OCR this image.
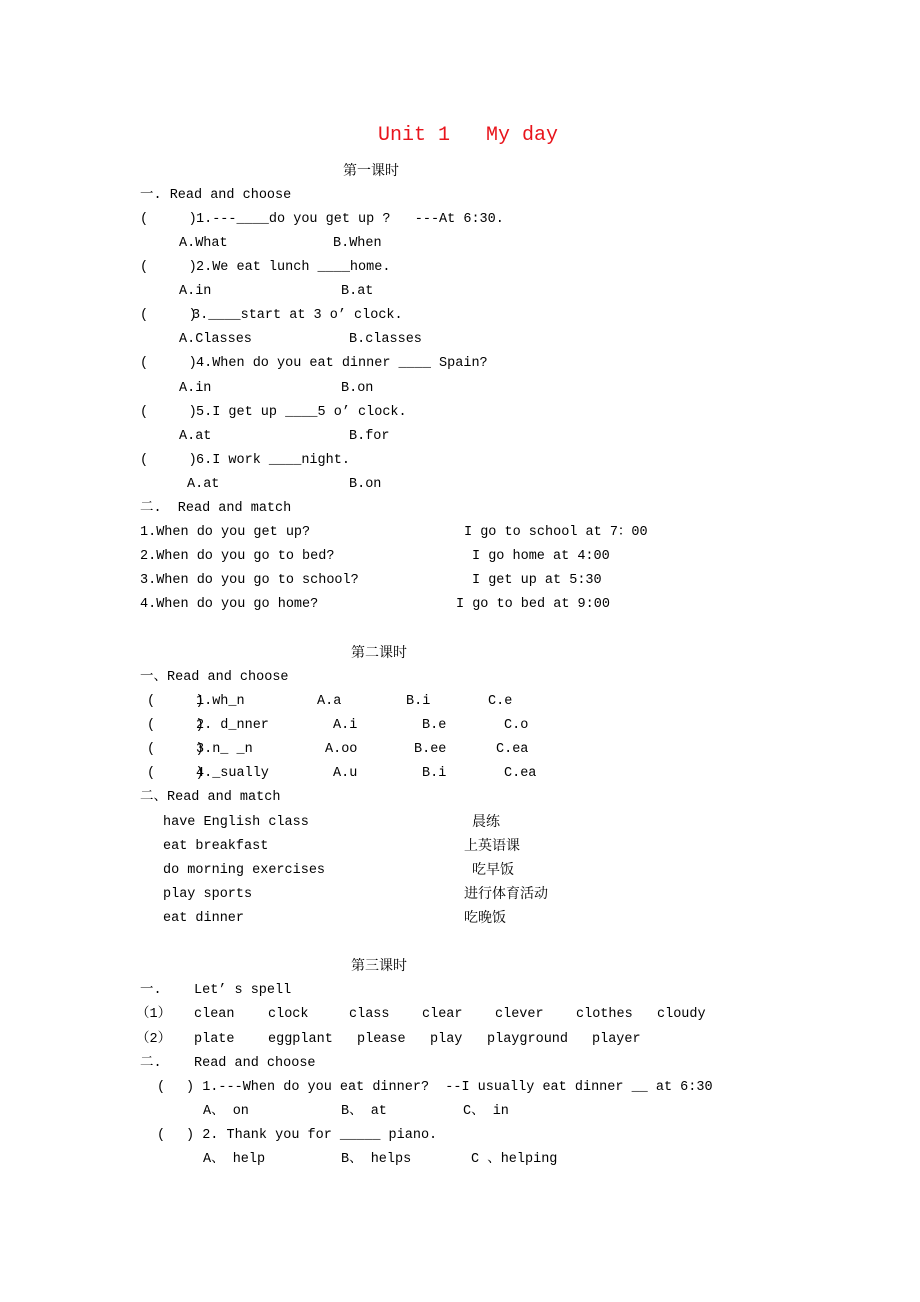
Unit 1   My day
第一课时
一. Read and choose
(     ) 1.---____do you get up ?   ---At 6:30.
A.What	B.When
(     ) 2.We eat lunch ____home.
A.in	B.at
(     )
3.____start at 3 o’ clock.
A.Classes	B.classes
(     ) 4.When do you eat dinner ____ Spain?
A.in	B.on
(     ) 5.I get up ____5 o’ clock.
A.at	B.for
(     ) 6.I work ____night.
A.at	B.on
二.  Read and match
1.When do you get up?	I go to school at 7：00
2.When do you go to bed?	I go home at 4:00
3.When do you go to school?	I get up at 5:30
4.When do you go home?	I go to bed at 9:00
第二课时
一、Read and choose
(     )
1.wh_n	A.a	B.i	C.e
(     )
2. d_nner	A.i	B.e	C.o
(     )
3.n_ _n	A.oo	B.ee	C.ea
(     )
4._sually	A.u	B.i	C.ea
二、Read and match
have English class	晨练
eat breakfast	上英语课
do morning exercises	吃早饭
play sports	进行体育活动
eat dinner	吃晚饭
第三课时
一. Let’ s spell
（1） clean clock	class clear clever clothes cloudy
（2） plate eggplant please play playground player
二. Read and choose
( ) 1.---When do you eat dinner?  --I usually eat dinner __ at 6:30
A、 on	B、 at	C、 in
( ) 2. Thank you for _____ piano.
A、 help	B、 helps	C 、helping
